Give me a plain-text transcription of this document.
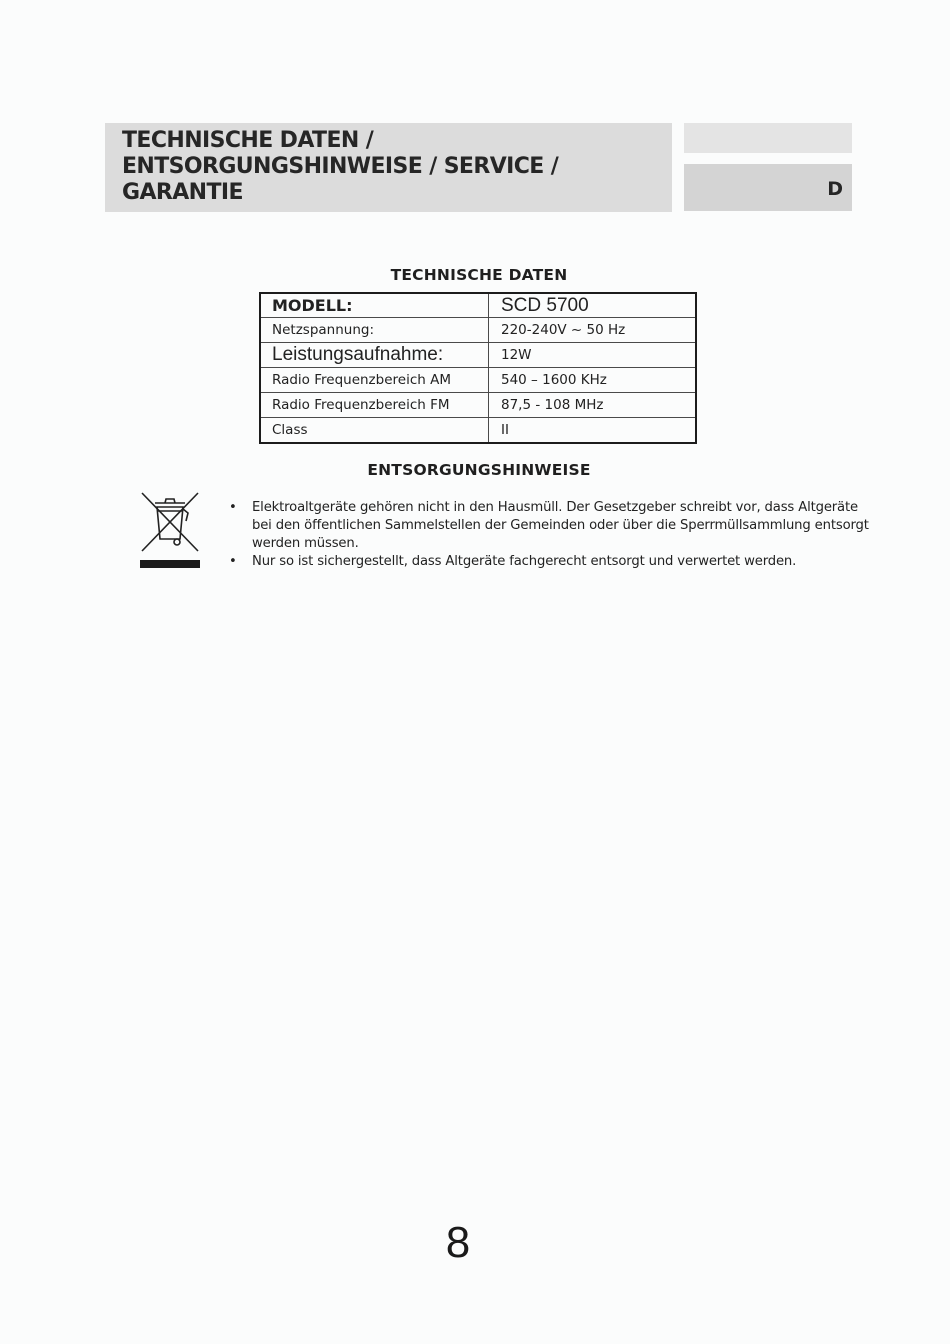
TECHNISCHE DATEN /

ENTSORGUNGSHINWEISE / SERVICE /

GARANTIE	D
TECHNISCHE DATEN
MODELL:	SCD 5700
Netzspannung:	220-240V ~ 50 Hz
Leistungsaufnahme:	12W
Radio Frequenzbereich AM	540 – 1600 KHz
Radio Frequenzbereich FM	87,5 - 108 MHz
Class	II
ENTSORGUNGSHINWEISE
• Elektroaltgeräte gehören nicht in den Hausmüll. Der Gesetzgeber schreibt vor, dass Altgeräte bei den öffentlichen Sammelstellen der Gemeinden oder über die Sperrmüllsammlung entsorgt werden müssen.
• Nur so ist sichergestellt, dass Altgeräte fachgerecht entsorgt und verwertet werden.
8
